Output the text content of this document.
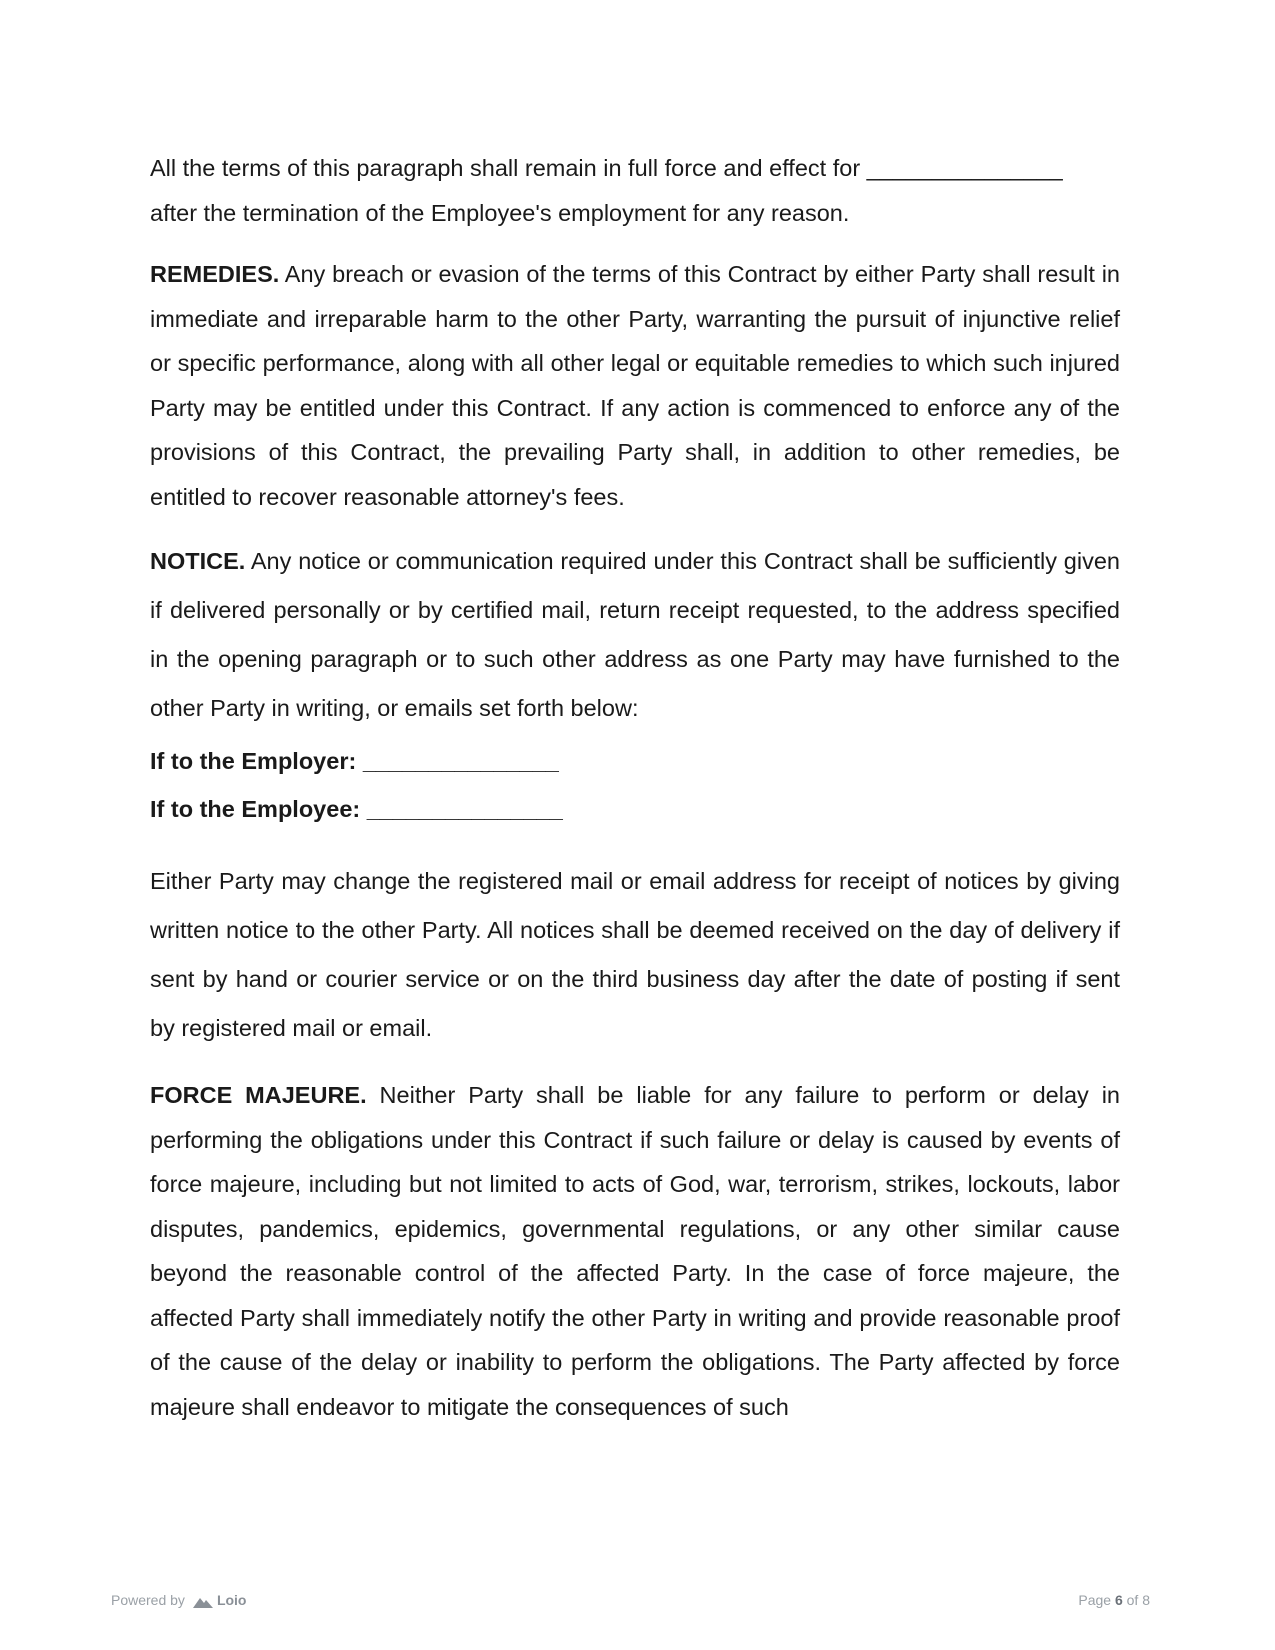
All the terms of this paragraph shall remain in full force and effect for _______________
after the termination of the Employee's employment for any reason.

REMEDIES. Any breach or evasion of the terms of this Contract by either Party shall result in immediate and irreparable harm to the other Party, warranting the pursuit of injunctive relief or specific performance, along with all other legal or equitable remedies to which such injured Party may be entitled under this Contract. If any action is commenced to enforce any of the provisions of this Contract, the prevailing Party shall, in addition to other remedies, be entitled to recover reasonable attorney's fees.

NOTICE. Any notice or communication required under this Contract shall be sufficiently given if delivered personally or by certified mail, return receipt requested, to the address specified in the opening paragraph or to such other address as one Party may have furnished to the other Party in writing, or emails set forth below:

If to the Employer: _______________

If to the Employee: _______________

Either Party may change the registered mail or email address for receipt of notices by giving written notice to the other Party. All notices shall be deemed received on the day of delivery if sent by hand or courier service or on the third business day after the date of posting if sent by registered mail or email.

FORCE MAJEURE. Neither Party shall be liable for any failure to perform or delay in performing the obligations under this Contract if such failure or delay is caused by events of force majeure, including but not limited to acts of God, war, terrorism, strikes, lockouts, labor disputes, pandemics, epidemics, governmental regulations, or any other similar cause beyond the reasonable control of the affected Party. In the case of force majeure, the affected Party shall immediately notify the other Party in writing and provide reasonable proof of the cause of the delay or inability to perform the obligations. The Party affected by force majeure shall endeavor to mitigate the consequences of such

Powered by Loio	Page 6 of 8
